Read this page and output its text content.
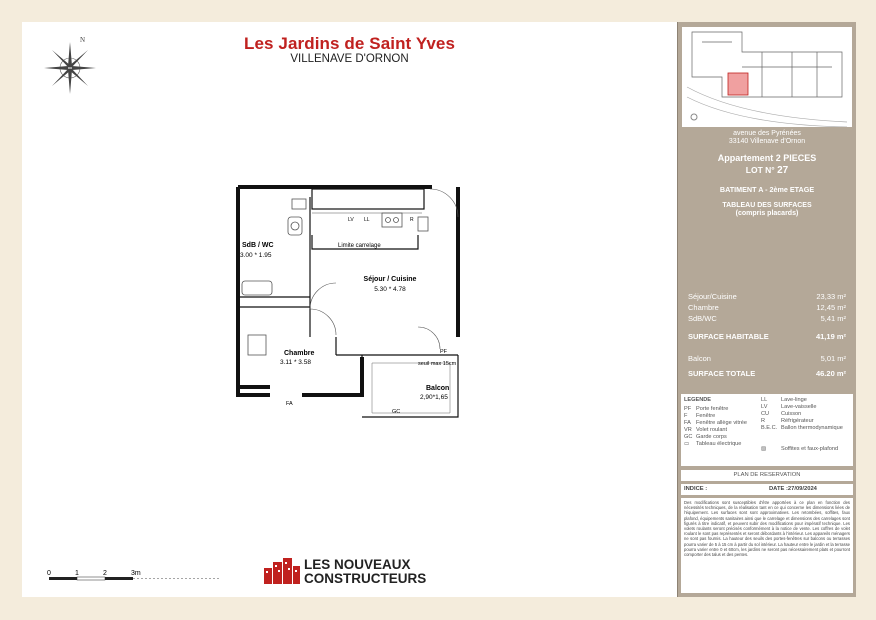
Les Jardins de Saint Yves
VILLENAVE D'ORNON
N
SdB / WC
3.00 * 1.95
Séjour / Cuisine
5.30 * 4.78
Chambre
3.11 * 3.58
Balcon
2,90*1,65
Limite carrelage
seuil max 15cm
PF
FA
GC
LV LL	R
0	1	2	3m
LES NOUVEAUX
CONSTRUCTEURS
avenue des Pyrénées
33140 Villenave d'Ornon
Appartement 2 PIECES
LOT N° 27
BATIMENT A - 2ème ETAGE
TABLEAU DES SURFACES
(compris placards)
Séjour/Cuisine	23,33 m²
Chambre	12,45 m²
SdB/WC	5,41 m²
SURFACE HABITABLE	41,19 m²
Balcon	5,01 m²
SURFACE TOTALE	46.20 m²
LEGENDE
PF Porte fenêtre
F Fenêtre
FA Fenêtre allège vitrée
VR Volet roulant
GC Garde corps
▭ Tableau électrique
LL Lave-linge
LV Lave-vaisselle
CU Cuisson
R	Réfrigérateur
B.E.C. Ballon thermodynamique
▨	Soffites et faux-plafond
PLAN DE RESERVATION
INDICE :	DATE :27/09/2024
Des modifications sont susceptibles d'être apportées à ce plan en fonction des nécessités techniques, de la réalisation tant en ce qui concerne les dimensions liées de l'équipement. Les surfaces sont sont approximatives. Les retombées, soffites, faux plafond, équipements sanitaires ainsi que le carrelage et dimensions des carrelages sont figurés à titre indicatif, et peuvent subir des modifications pour impératif technique. Les volets roulants seront précisés conformément à la notice de vente. Les coffres de volet roulant le sont pas représentés et seront débordants à l'intérieur. Les appareils ménagers ne sont pas fournis. La hauteur des seuils des portes-fenêtres sur balcons ou terrasses pourra varier de 5 à 15 cm à partir du sol intérieur. La hauteur entre le jardin et la terrasse pourra varier entre 0 et 60cm, les jardins ne seront pas nécessairement plats et pourront comporter des talus et des pentes.
